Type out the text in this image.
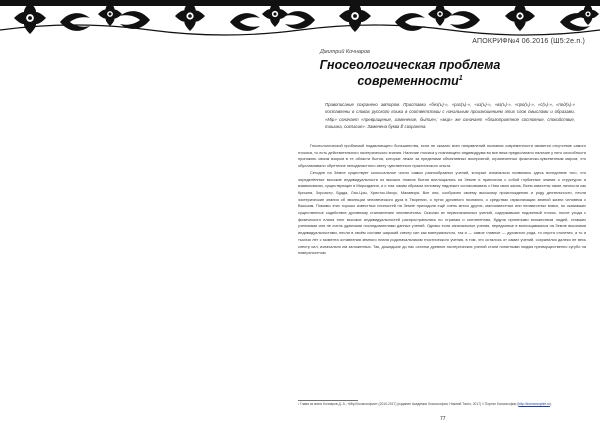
АПОКРИФ№4 06.2016 (Ш5:2е.п.)
Дмитрий Кочнаров
Гносеологическая проблема
современности$^1$
Правописание сохранено автором. Приставки «без(ъ)-», «раз(ъ)-», «из(ъ)-», «вз(ъ)-», «про(ъ)-», «с(ъ)-», «под(ъ)-» поставлены в словах русского языка в соответствии с начальным произношением этих слов смыслами и образами. «Мiр» означает «превращение, изменение, бытие»; «мир» же означает «благоприятное состояние, спокойствие, тишина, согласие». Заменена буква Ё сохранена.

Гносеологической проблемой подавляющего большинства, если не сказать всех направлений познания современности является отсутствие самого гносиса, то есть действительного эзотерического знания. Наличие гносиса у познающего индивидуума во все века предполагало наличие у него способности проникать своим взором в те области бытия, которые лежат за пределами объективных восприятий, ограниченных физически-чувственным миром, что обуславливало обретение неподвластного свету чувственного практического опыта.

Сегодня на Земле существует колоссальное число самых разнообразных учений, которые изначально появились здесь вследствие того, что определённые высокие индивидуальности из высших планов бытия воплощались на Земле и приносили с собой глубинные знания о структурах и взаимосвязях, существующих в Мироздании, и о том, каким образом человеку надлежит согласовывать с Ним свою жизнь. Всем известны такие личности как Кришна, Зороастр, Будда, Лао-Цзы, Христос-Иисус, Махавира. Все они, сообразно своему высокому происхождению и роду деятельности, несли эзотерические знания об эволюции человеческого духа в Творении, о путях духовного познания, о средствах гармонизации земной жизни человека с Высшим. Помимо этих хорошо известных личностей на Земле приходили ещё очень много других, малоизвестных или неизвестных вовсе, но оказавших существенное содействие духовному становлению человечества. Осколки их первоначальных учений, содержавших подлинный гносис, после ухода с физического плана этих высоких индивидуальностей распространялись по странам и континентам, будучи принятыми множеством людей, ставших учениками или не очень удачными последователями данных учений. Однако если изначальные учения, переданные в воплощавшихся на Земле высокими индивидуальностями, несли в своём составе широкий спектр сил как материального, так и — самое главное — духовного рода, то спустя столетия, а то и тысячи лет с момента оставления земного плана родоначальником гностического учения, в том, что осталось от самих учений, сохранился далеко не весь спектр сил, изначально им заложенных. Так, дошедшие до нас остатки древних эзотерических учений стали понятными людям преимущественно сугубо на поверхностном

¹ Глава из книги Кочнаров Д. А., «Мiрi Космософии» (2010-2017) (издание Академии Космософии, Нижний Тагил, 2017) // Портал Космософии (http://kosmosophie.ru).
77
